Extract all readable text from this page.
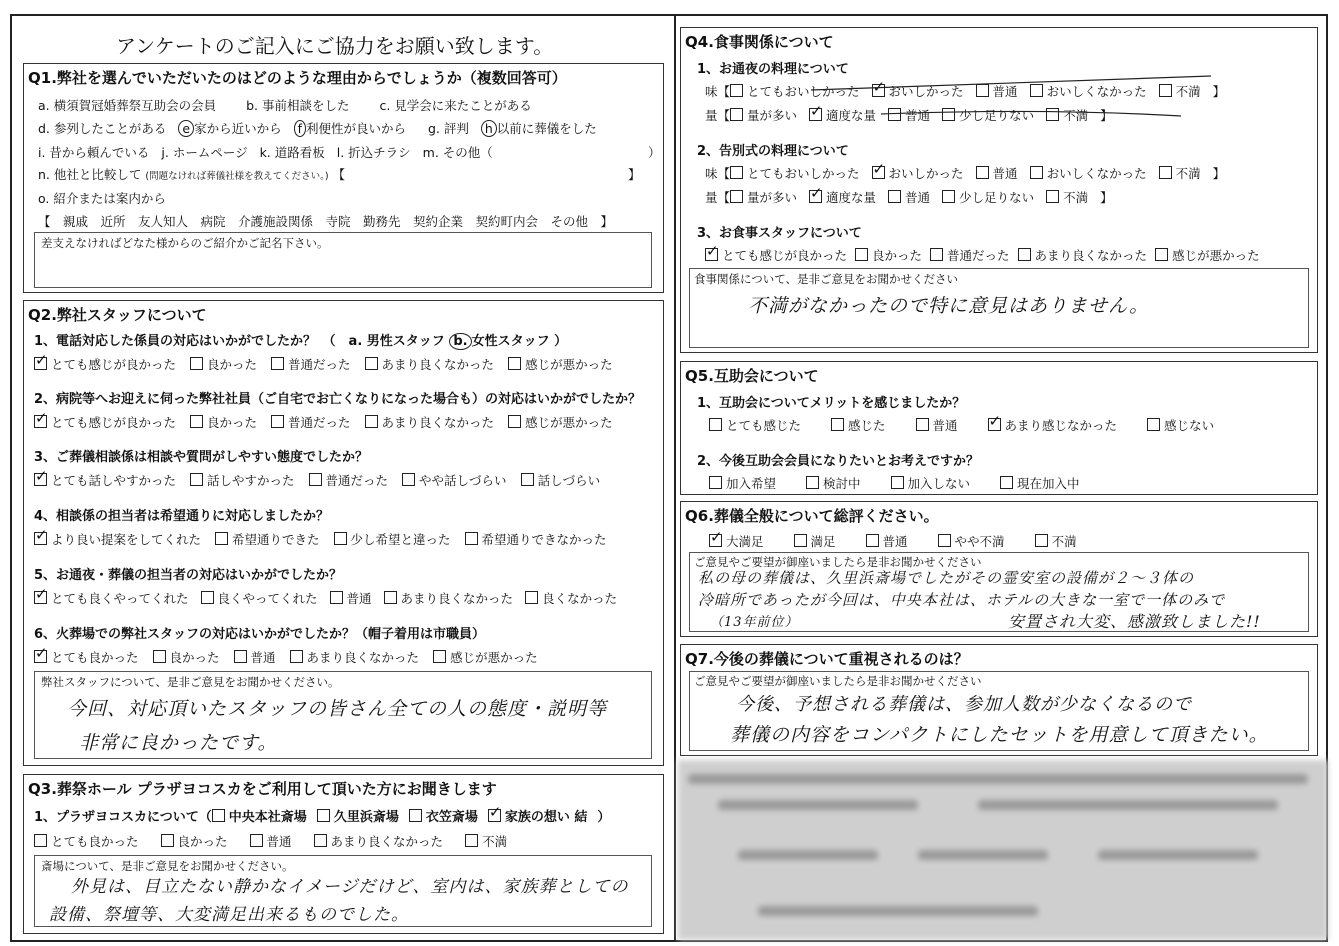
アンケートのご記入にご協力をお願い致します。
Q1.弊社を選んでいただいたのはどのような理由からでしょうか（複数回答可）
a. 横須賀冠婚葬祭互助会の会員 b. 事前相談をした c. 見学会に来たことがある
d. 参列したことがある e 家から近いから f 利便性が良いから g. 評判 h 以前に葬儀をした
i. 昔から頼んでいる j. ホームページ k. 道路看板 l. 折込チラシ m. その他（	）
n. 他社と比較して (問題なければ葬儀社様を教えてください。) 【	】
o. 紹介または案内から
【　親戚　近所　友人知人　病院　介護施設関係　寺院　勤務先　契約企業　契約町内会　その他　】
差支えなければどなた様からのご紹介かご記名下さい。
Q2.弊社スタッフについて
1、電話対応した係員の対応はいかがでしたか？　（　a. 男性スタッフ b. 女性スタッフ ）
✓とても感じが良かった 良かった 普通だった あまり良くなかった 感じが悪かった
2、病院等へお迎えに伺った弊社社員（ご自宅でお亡くなりになった場合も）の対応はいかがでしたか？
✓とても感じが良かった 良かった 普通だった あまり良くなかった 感じが悪かった
3、ご葬儀相談係は相談や質問がしやすい態度でしたか？
✓とても話しやすかった 話しやすかった 普通だった やや話しづらい 話しづらい
4、相談係の担当者は希望通りに対応しましたか？
✓より良い提案をしてくれた 希望通りできた 少し希望と違った 希望通りできなかった
5、お通夜・葬儀の担当者の対応はいかがでしたか？
✓とても良くやってくれた 良くやってくれた 普通 あまり良くなかった 良くなかった
6、火葬場での弊社スタッフの対応はいかがでしたか？（帽子着用は市職員）
✓とても良かった 良かった 普通 あまり良くなかった 感じが悪かった
弊社スタッフについて、是非ご意見をお聞かせください。
今回、対応頂いたスタッフの皆さん全ての人の態度・説明等
非常に良かったです。
Q3.葬祭ホール プラザヨコスカをご利用して頂いた方にお聞きします
1、プラザヨコスカについて（ 中央本社斎場 久里浜斎場 衣笠斎場 ✓ 家族の想い 結 ）
とても良かった	良かった	普通	あまり良くなかった	不満
斎場について、是非ご意見をお聞かせください。
外見は、目立たない静かなイメージだけど、室内は、家族葬としての
設備、祭壇等、大変満足出来るものでした。
Q4.食事関係について
1、お通夜の料理について
味【 とてもおいしかった ✓ おいしかった 普通 おいしくなかった 不満 】
量【 量が多い ✓ 適度な量 普通 少し足りない 不満 】
2、告別式の料理について
味【 とてもおいしかった ✓ おいしかった 普通 おいしくなかった 不満 】
量【 量が多い ✓ 適度な量 普通 少し足りない 不満 】
3、お食事スタッフについて
✓とても感じが良かった 良かった 普通だった あまり良くなかった 感じが悪かった
食事関係について、是非ご意見をお聞かせください
不満がなかったので特に意見はありません。
Q5.互助会について
1、互助会についてメリットを感じましたか？
とても感じた	感じた	普通 ✓	あまり感じなかった	感じない
2、今後互助会会員になりたいとお考えですか？
加入希望	検討中	加入しない	現在加入中
Q6.葬儀全般について総評ください。
✓大満足	満足	普通	やや不満	不満
ご意見やご要望が御座いましたら是非お聞かせください
私の母の葬儀は、久里浜斎場でしたがその霊安室の設備が２～３体の
冷暗所であったが今回は、中央本社は、ホテルの大きな一室で一体のみで
（13年前位）	安置され大変、感激致しました!!
Q7.今後の葬儀について重視されるのは？
ご意見やご要望が御座いましたら是非お聞かせください
今後、予想される葬儀は、参加人数が少なくなるので
葬儀の内容をコンパクトにしたセットを用意して頂きたい。
